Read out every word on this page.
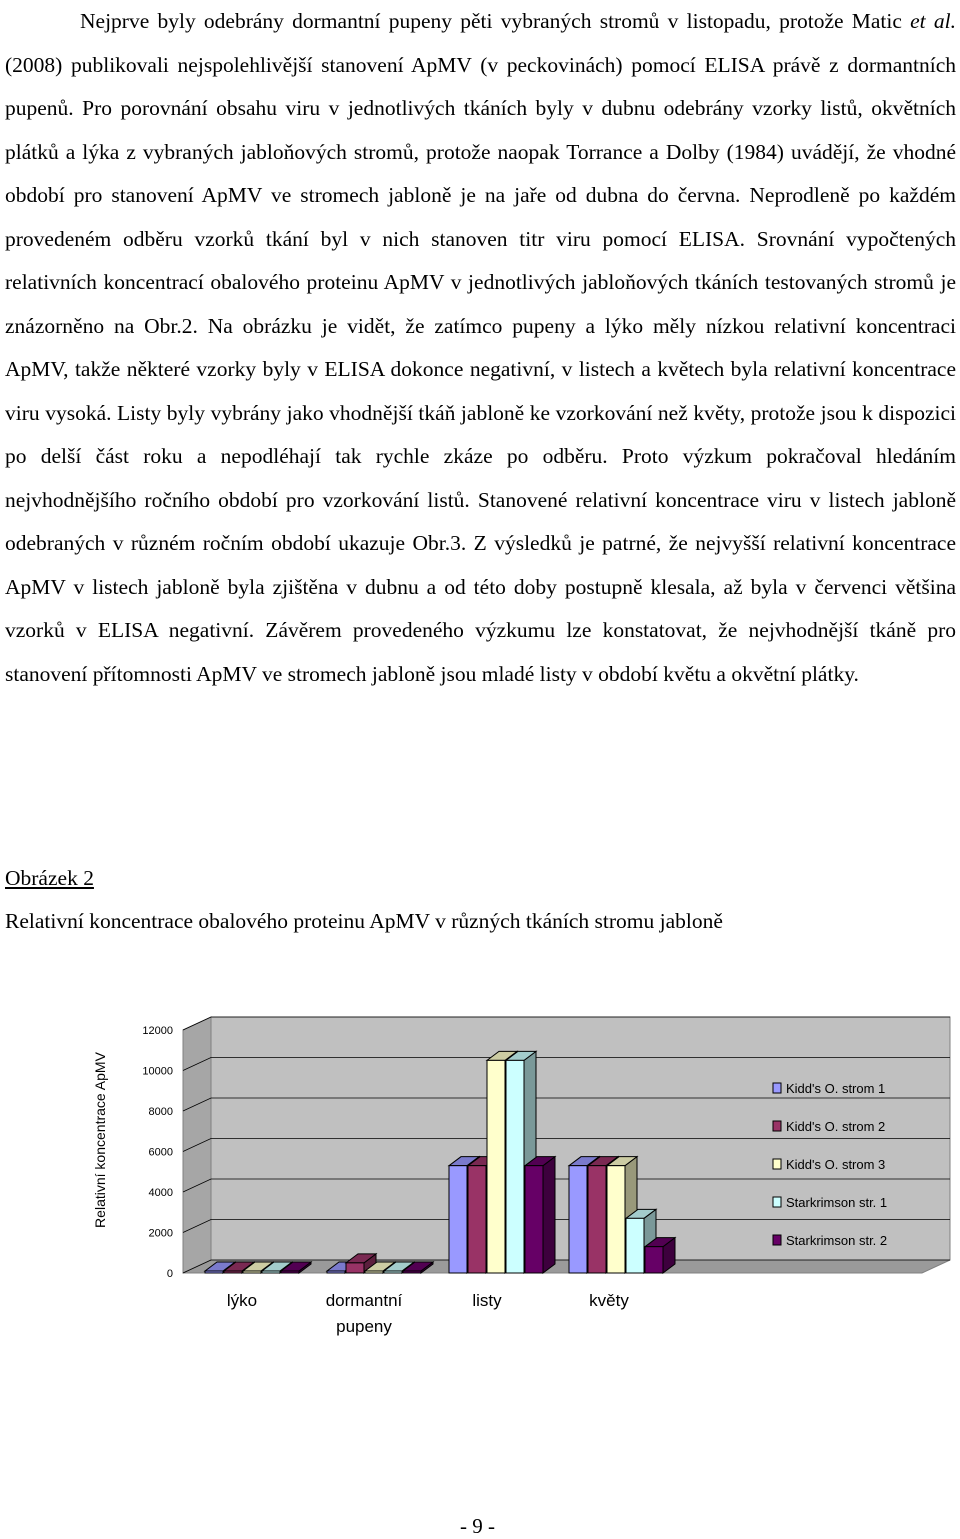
Nejprve byly odebrány dormantní pupeny pěti vybraných stromů v listopadu, protože Matic et al. (2008) publikovali nejspolehlivější stanovení ApMV (v peckovinách) pomocí ELISA právě z dormantních pupenů. Pro porovnání obsahu viru v jednotlivých tkáních byly v dubnu odebrány vzorky listů, okvětních plátků a lýka z vybraných jabloňových stromů, protože naopak Torrance a Dolby (1984) uvádějí, že vhodné období pro stanovení ApMV ve stromech jabloně je na jaře od dubna do června. Neprodleně po každém provedeném odběru vzorků tkání byl v nich stanoven titr viru pomocí ELISA. Srovnání vypočtených relativních koncentrací obalového proteinu ApMV v jednotlivých jabloňových tkáních testovaných stromů je znázorněno na Obr.2. Na obrázku je vidět, že zatímco pupeny a lýko měly nízkou relativní koncentraci ApMV, takže některé vzorky byly v ELISA dokonce negativní, v listech a květech byla relativní koncentrace viru vysoká. Listy byly vybrány jako vhodnější tkáň jabloně ke vzorkování než květy, protože jsou k dispozici po delší část roku a nepodléhají tak rychle zkáze po odběru. Proto výzkum pokračoval hledáním nejvhodnějšího ročního období pro vzorkování listů. Stanovené relativní koncentrace viru v listech jabloně odebraných v různém ročním období ukazuje Obr.3. Z výsledků je patrné, že nejvyšší relativní koncentrace ApMV v listech jabloně byla zjištěna v dubnu a od této doby postupně klesala, až byla v červenci většina vzorků v ELISA negativní. Závěrem provedeného výzkumu lze konstatovat, že nejvhodnější tkáně pro stanovení přítomnosti ApMV ve stromech jabloně jsou mladé listy v období květu a okvětní plátky.

Obrázek 2
Relativní koncentrace obalového proteinu ApMV v různých tkáních stromu jabloně
0
2000
4000
6000
8000
10000
12000
lýko	dormantní
pupeny
listy	květy
Kidd's O. strom 1
Kidd's O. strom 2
Kidd's O. strom 3
Starkrimson str. 1
Starkrimson str. 2
Relativní koncentrace ApMV
- 9 -
